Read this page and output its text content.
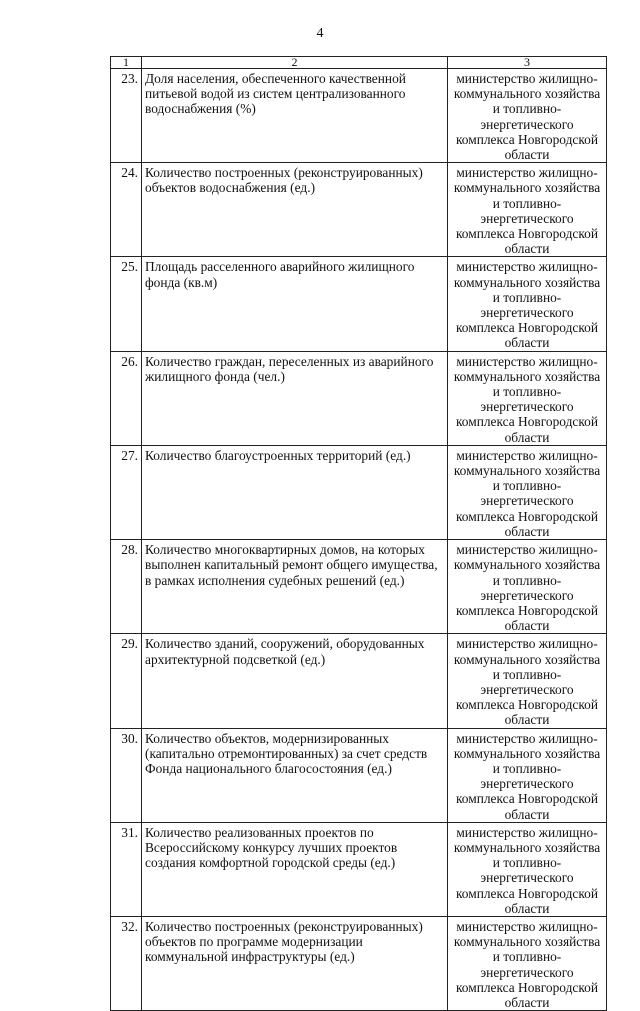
4
1	2	3
23.	Доля населения, обеспеченного качественной питьевой водой из систем централизованного водоснабжения (%)	министерство жилищно-коммунального хозяйства и топливно-энергетического комплекса Новгородской области
24.	Количество построенных (реконструированных) объектов водоснабжения (ед.)	министерство жилищно-коммунального хозяйства и топливно-энергетического комплекса Новгородской области
25.	Площадь расселенного аварийного жилищного фонда (кв.м)	министерство жилищно-коммунального хозяйства и топливно-энергетического комплекса Новгородской области
26.	Количество граждан, переселенных из аварийного жилищного фонда (чел.)	министерство жилищно-коммунального хозяйства и топливно-энергетического комплекса Новгородской области
27.	Количество благоустроенных территорий (ед.)	министерство жилищно-коммунального хозяйства и топливно-энергетического комплекса Новгородской области
28.	Количество многоквартирных домов, на которых выполнен капитальный ремонт общего имущества, в рамках исполнения судебных решений (ед.)	министерство жилищно-коммунального хозяйства и топливно-энергетического комплекса Новгородской области
29.	Количество зданий, сооружений, оборудованных архитектурной подсветкой (ед.)	министерство жилищно-коммунального хозяйства и топливно-энергетического комплекса Новгородской области
30.	Количество объектов, модернизированных (капитально отремонтированных) за счет средств Фонда национального благосостояния (ед.)	министерство жилищно-коммунального хозяйства и топливно-энергетического комплекса Новгородской области
31.	Количество реализованных проектов по Всероссийскому конкурсу лучших проектов создания комфортной городской среды (ед.)	министерство жилищно-коммунального хозяйства и топливно-энергетического комплекса Новгородской области
32.	Количество построенных (реконструированных) объектов по программе модернизации коммунальной инфраструктуры (ед.)	министерство жилищно-коммунального хозяйства и топливно-энергетического комплекса Новгородской области
